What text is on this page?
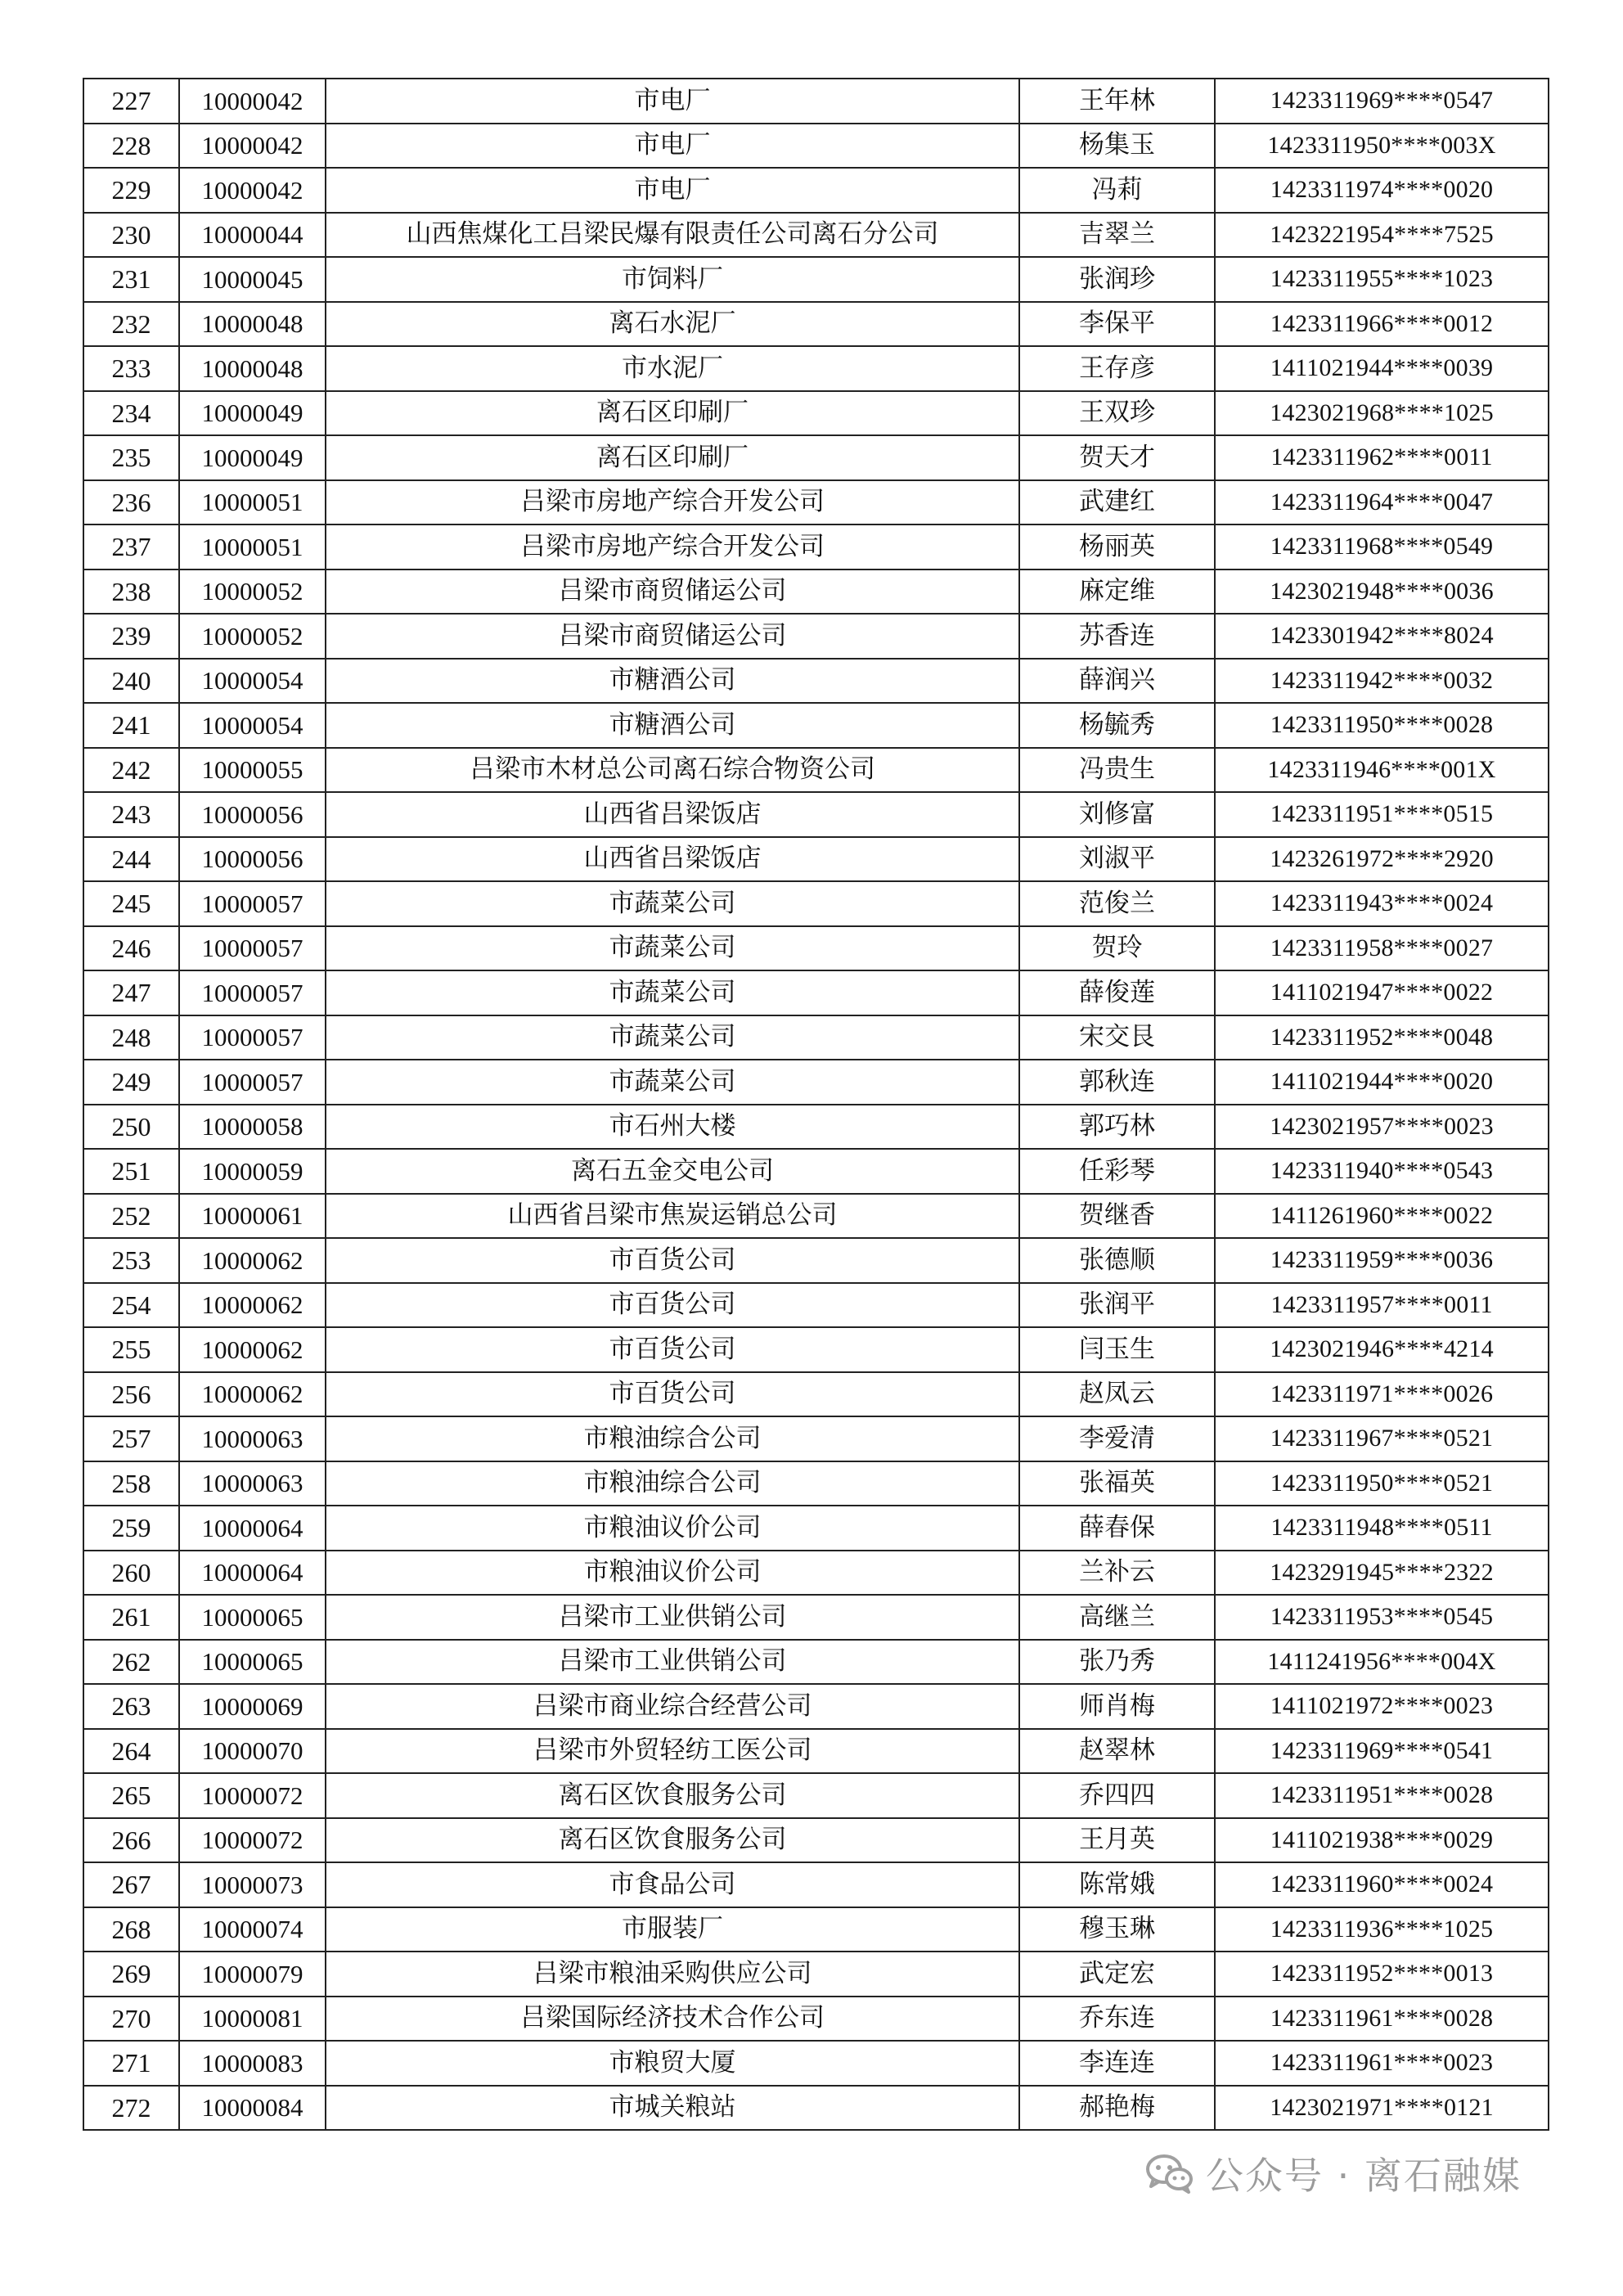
227	10000042	市电厂	王年林	1423311969****0547
228	10000042	市电厂	杨集玉	1423311950****003X
229	10000042	市电厂	冯莉	1423311974****0020
230	10000044	山西焦煤化工吕梁民爆有限责任公司离石分公司	吉翠兰	1423221954****7525
231	10000045	市饲料厂	张润珍	1423311955****1023
232	10000048	离石水泥厂	李保平	1423311966****0012
233	10000048	市水泥厂	王存彦	1411021944****0039
234	10000049	离石区印刷厂	王双珍	1423021968****1025
235	10000049	离石区印刷厂	贺天才	1423311962****0011
236	10000051	吕梁市房地产综合开发公司	武建红	1423311964****0047
237	10000051	吕梁市房地产综合开发公司	杨丽英	1423311968****0549
238	10000052	吕梁市商贸储运公司	麻定维	1423021948****0036
239	10000052	吕梁市商贸储运公司	苏香连	1423301942****8024
240	10000054	市糖酒公司	薛润兴	1423311942****0032
241	10000054	市糖酒公司	杨毓秀	1423311950****0028
242	10000055	吕梁市木材总公司离石综合物资公司	冯贵生	1423311946****001X
243	10000056	山西省吕梁饭店	刘修富	1423311951****0515
244	10000056	山西省吕梁饭店	刘淑平	1423261972****2920
245	10000057	市蔬菜公司	范俊兰	1423311943****0024
246	10000057	市蔬菜公司	贺玲	1423311958****0027
247	10000057	市蔬菜公司	薛俊莲	1411021947****0022
248	10000057	市蔬菜公司	宋交艮	1423311952****0048
249	10000057	市蔬菜公司	郭秋连	1411021944****0020
250	10000058	市石州大楼	郭巧林	1423021957****0023
251	10000059	离石五金交电公司	任彩琴	1423311940****0543
252	10000061	山西省吕梁市焦炭运销总公司	贺继香	1411261960****0022
253	10000062	市百货公司	张德顺	1423311959****0036
254	10000062	市百货公司	张润平	1423311957****0011
255	10000062	市百货公司	闫玉生	1423021946****4214
256	10000062	市百货公司	赵凤云	1423311971****0026
257	10000063	市粮油综合公司	李爱清	1423311967****0521
258	10000063	市粮油综合公司	张福英	1423311950****0521
259	10000064	市粮油议价公司	薛春保	1423311948****0511
260	10000064	市粮油议价公司	兰补云	1423291945****2322
261	10000065	吕梁市工业供销公司	高继兰	1423311953****0545
262	10000065	吕梁市工业供销公司	张乃秀	1411241956****004X
263	10000069	吕梁市商业综合经营公司	师肖梅	1411021972****0023
264	10000070	吕梁市外贸轻纺工医公司	赵翠林	1423311969****0541
265	10000072	离石区饮食服务公司	乔四四	1423311951****0028
266	10000072	离石区饮食服务公司	王月英	1411021938****0029
267	10000073	市食品公司	陈常娥	1423311960****0024
268	10000074	市服装厂	穆玉琳	1423311936****1025
269	10000079	吕梁市粮油采购供应公司	武定宏	1423311952****0013
270	10000081	吕梁国际经济技术合作公司	乔东连	1423311961****0028
271	10000083	市粮贸大厦	李连连	1423311961****0023
272	10000084	市城关粮站	郝艳梅	1423021971****0121
公众号 · 离石融媒
